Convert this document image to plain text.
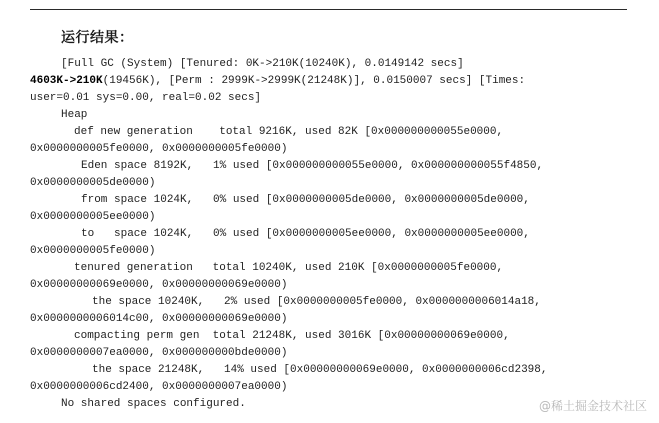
运行结果：
[Full GC (System) [Tenured: 0K->210K(10240K), 0.0149142 secs]
4603K->210K(19456K), [Perm : 2999K->2999K(21248K)], 0.0150007 secs] [Times:
user=0.01 sys=0.00, real=0.02 secs]
Heap
def new generation    total 9216K, used 82K [0x000000000055e0000,
0x0000000005fe0000, 0x0000000005fe0000)
Eden space 8192K,   1% used [0x000000000055e0000, 0x000000000055f4850,
0x0000000005de0000)
from space 1024K,   0% used [0x0000000005de0000, 0x0000000005de0000,
0x0000000005ee0000)
to   space 1024K,   0% used [0x0000000005ee0000, 0x0000000005ee0000,
0x0000000005fe0000)
tenured generation   total 10240K, used 210K [0x0000000005fe0000,
0x00000000069e0000, 0x00000000069e0000)
the space 10240K,   2% used [0x0000000005fe0000, 0x0000000006014a18,
0x0000000006014c00, 0x00000000069e0000)
compacting perm gen  total 21248K, used 3016K [0x00000000069e0000,
0x0000000007ea0000, 0x000000000bde0000)
the space 21248K,   14% used [0x00000000069e0000, 0x0000000006cd2398,
0x0000000006cd2400, 0x0000000007ea0000)
No shared spaces configured.	@稀土掘金技术社区
